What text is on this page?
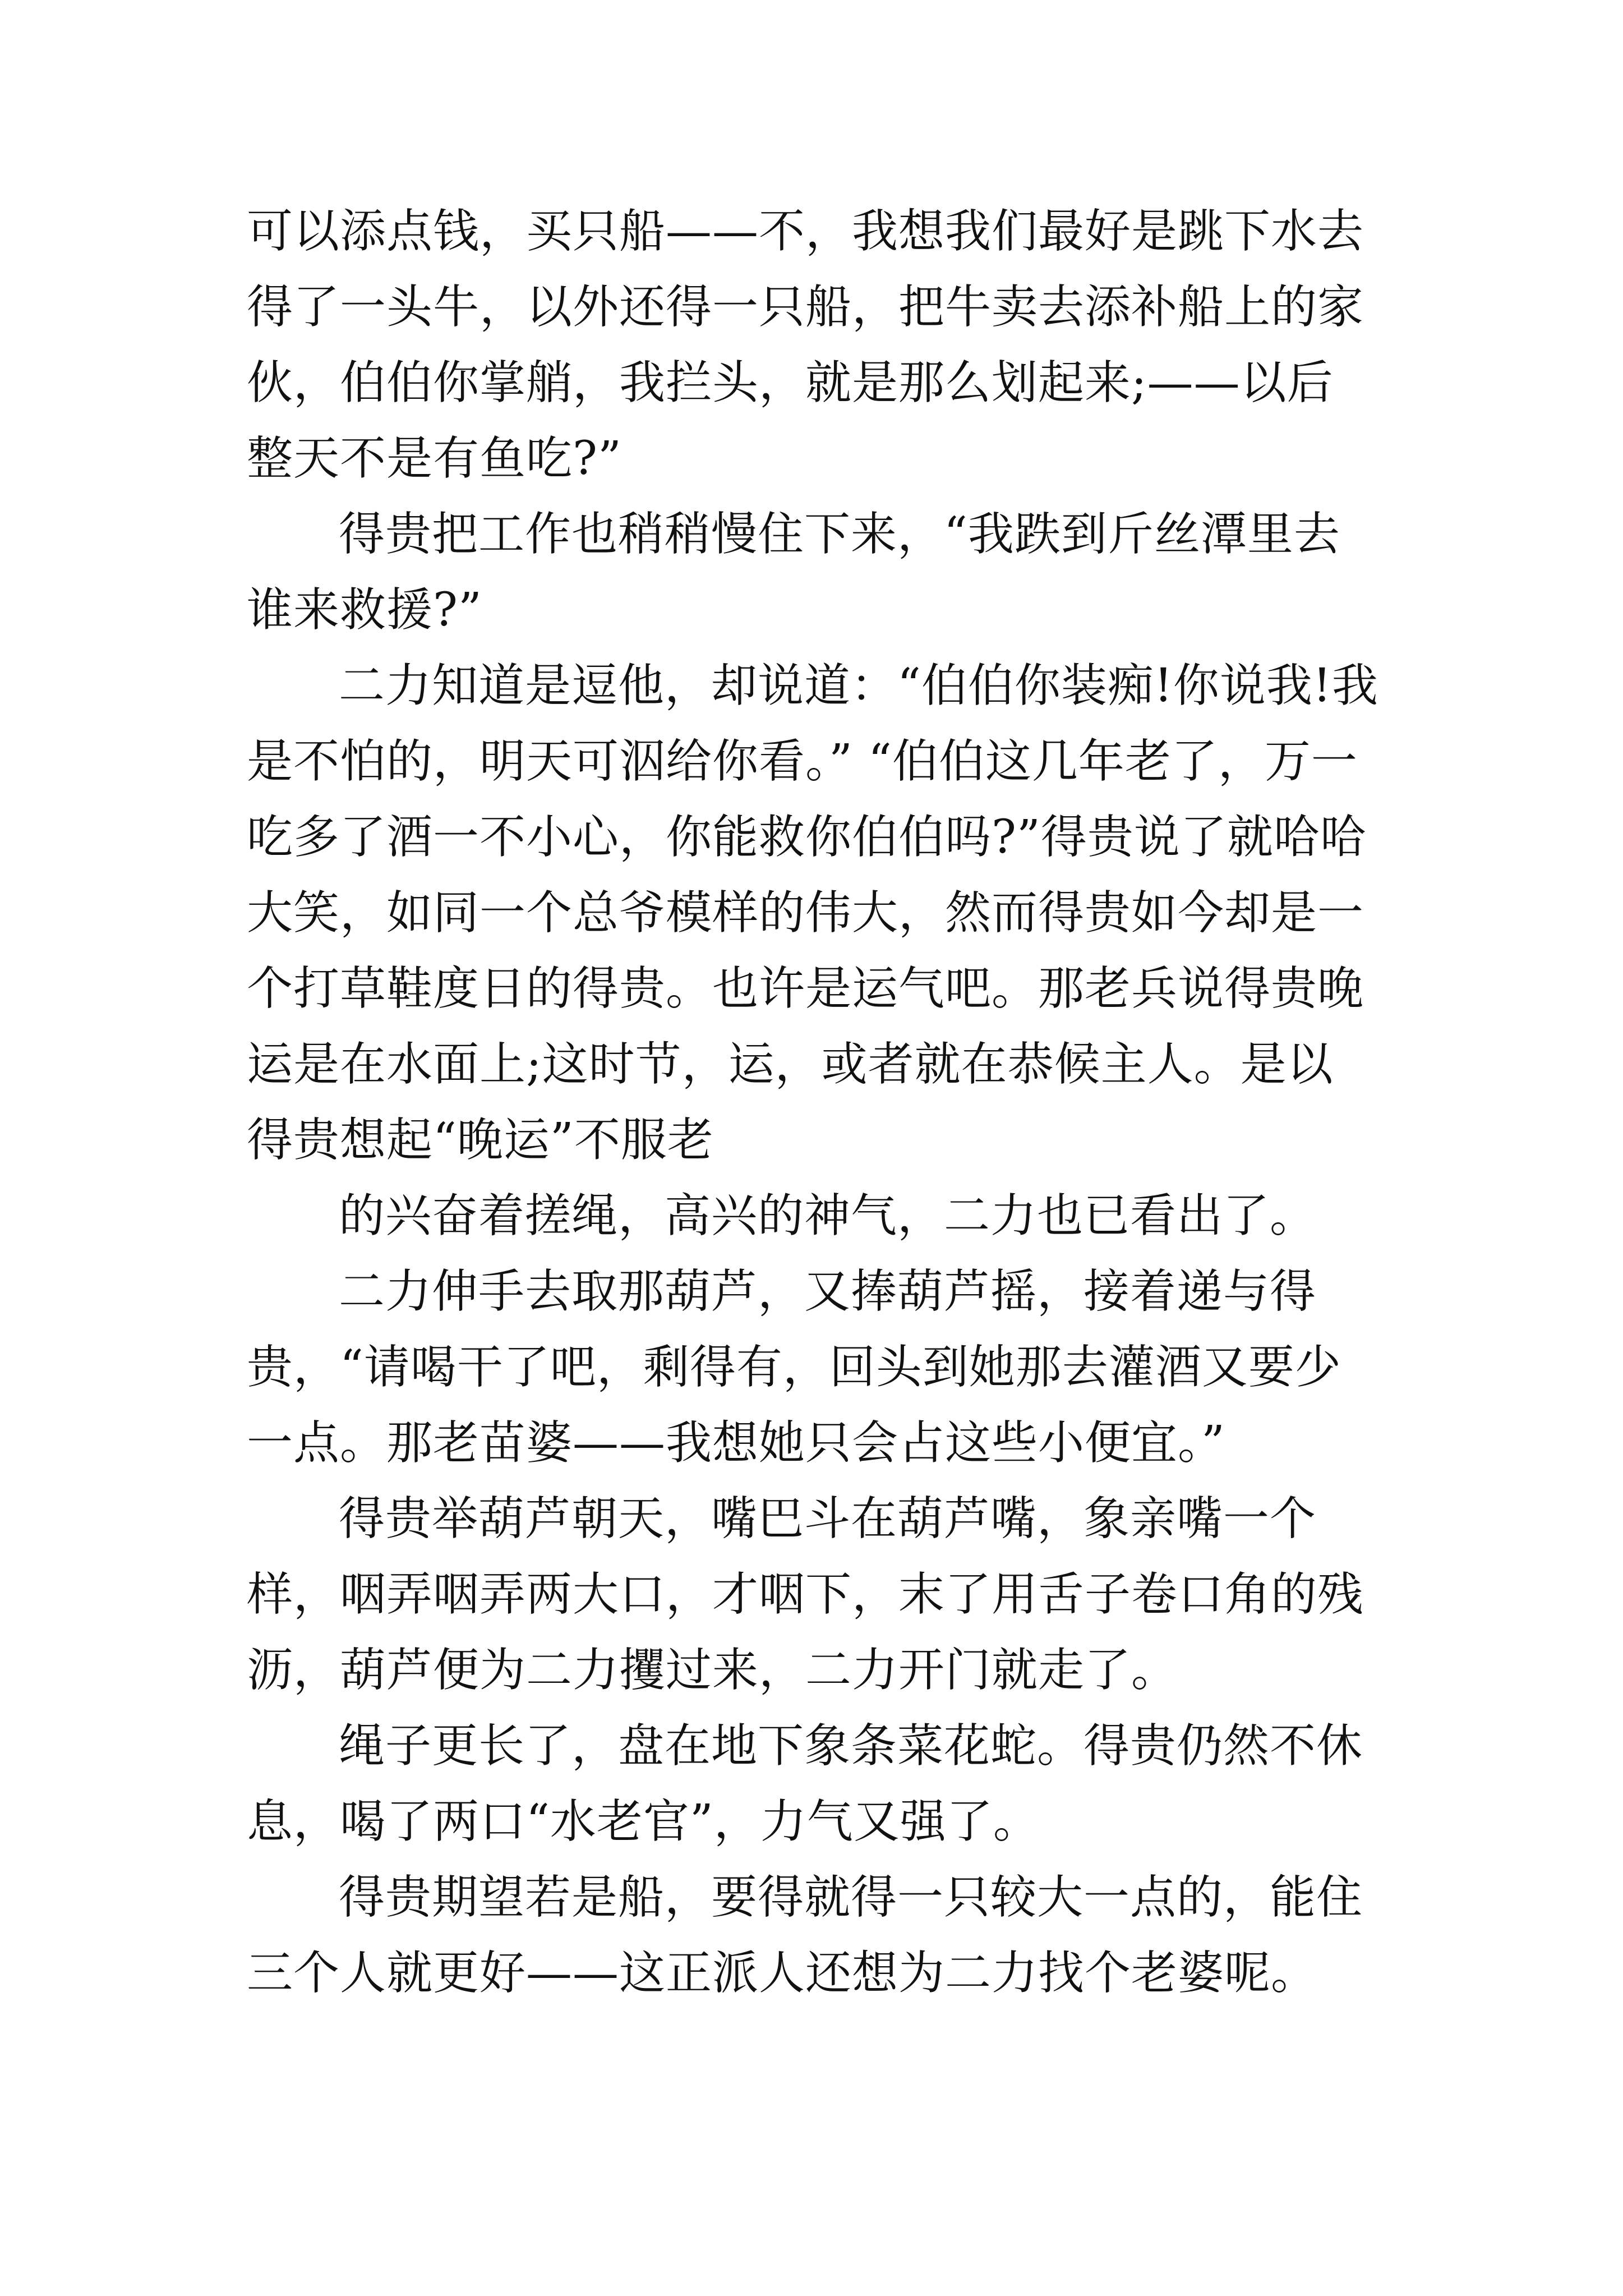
可以添点钱，买只船——不，我想我们最好是跳下水去得了一头牛，以外还得一只船，把牛卖去添补船上的家伙，伯伯你掌艄，我拦头，就是那么划起来;——以后整天不是有鱼吃?”

得贵把工作也稍稍慢住下来，“我跌到斤丝潭里去谁来救援?”

二力知道是逗他，却说道：“伯伯你装痴!你说我!我是不怕的，明天可泅给你看。” “伯伯这几年老了，万一吃多了酒一不小心，你能救你伯伯吗?”得贵说了就哈哈大笑，如同一个总爷模样的伟大，然而得贵如今却是一个打草鞋度日的得贵。也许是运气吧。那老兵说得贵晚运是在水面上;这时节，运，或者就在恭候主人。是以得贵想起“晚运”不服老

的兴奋着搓绳，高兴的神气，二力也已看出了。

二力伸手去取那葫芦，又捧葫芦摇，接着递与得贵，“请喝干了吧，剩得有，回头到她那去灌酒又要少一点。那老苗婆——我想她只会占这些小便宜。”

得贵举葫芦朝天，嘴巴斗在葫芦嘴，象亲嘴一个样，咽弄咽弄两大口，才咽下，末了用舌子卷口角的残沥，葫芦便为二力攫过来，二力开门就走了。

绳子更长了，盘在地下象条菜花蛇。得贵仍然不休息，喝了两口“水老官”，力气又强了。

得贵期望若是船，要得就得一只较大一点的，能住三个人就更好——这正派人还想为二力找个老婆呢。
